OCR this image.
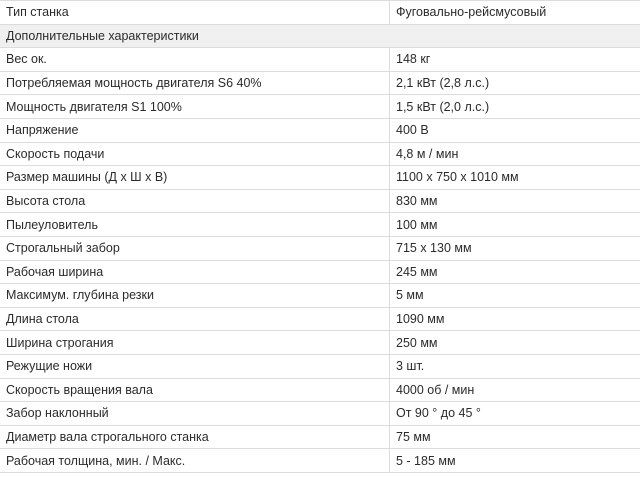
Тип станка	Фуговально-рейсмусовый
Дополнительные характеристики	
Вес ок.	148 кг
Потребляемая мощность двигателя S6 40%	2,1 кВт (2,8 л.с.)
Мощность двигателя S1 100%	1,5 кВт (2,0 л.с.)
Напряжение	400 В
Скорость подачи	4,8 м / мин
Размер машины (Д x Ш x В)	1100 x 750 x 1010 мм
Высота стола	830 мм
Пылеуловитель	100 мм
Строгальный забор	715 x 130 мм
Рабочая ширина	245 мм
Максимум. глубина резки	5 мм
Длина стола	1090 мм
Ширина строгания	250 мм
Режущие ножи	3 шт.
Скорость вращения вала	4000 об / мин
Забор наклонный	От 90 ° до 45 °
Диаметр вала строгального станка	75 мм
Рабочая толщина, мин. / Макс.	5 - 185 мм
